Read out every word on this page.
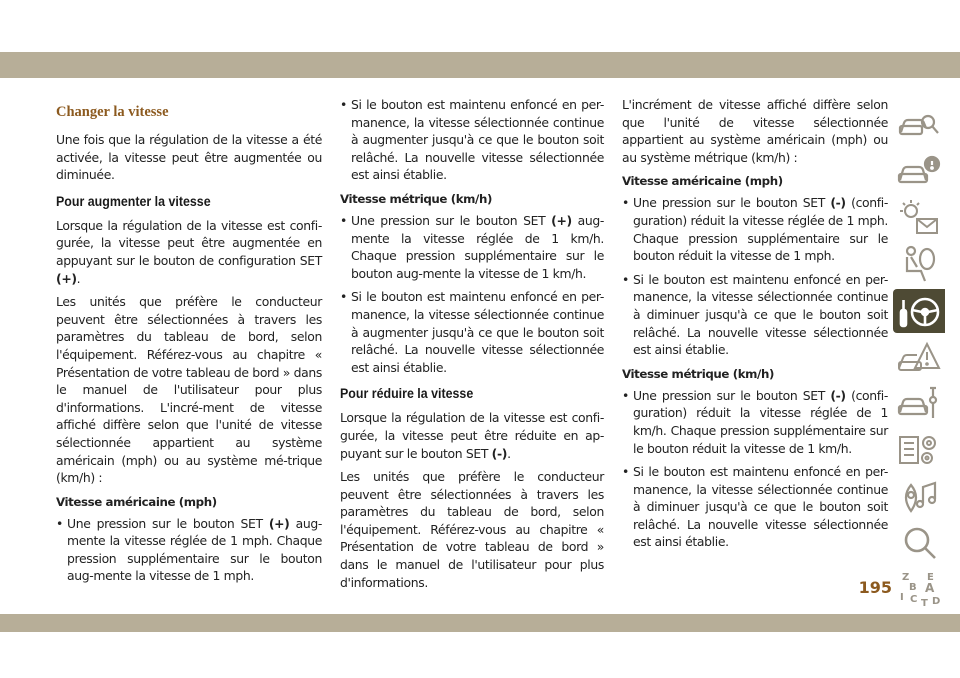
Changer la vitesse

Une fois que la régulation de la vitesse a été activée, la vitesse peut être augmentée ou diminuée.

Pour augmenter la vitesse

Lorsque la régulation de la vitesse est confi-gurée, la vitesse peut être augmentée en appuyant sur le bouton de configuration SET (+).

Les unités que préfère le conducteur peuvent être sélectionnées à travers les paramètres du tableau de bord, selon l'équipement. Référez-vous au chapitre « Présentation de votre tableau de bord » dans le manuel de l'utilisateur pour plus d'informations. L'incré-ment de vitesse affiché diffère selon que l'unité de vitesse sélectionnée appartient au système américain (mph) ou au système mé-trique (km/h) :

Vitesse américaine (mph)
• Une pression sur le bouton SET (+) aug-mente la vitesse réglée de 1 mph. Chaque pression supplémentaire sur le bouton aug-mente la vitesse de 1 mph.
• Si le bouton est maintenu enfoncé en per-manence, la vitesse sélectionnée continue à augmenter jusqu'à ce que le bouton soit relâché. La nouvelle vitesse sélectionnée est ainsi établie.
Vitesse métrique (km/h)
• Une pression sur le bouton SET (+) aug-mente la vitesse réglée de 1 km/h. Chaque pression supplémentaire sur le bouton aug-mente la vitesse de 1 km/h.
• Si le bouton est maintenu enfoncé en per-manence, la vitesse sélectionnée continue à augmenter jusqu'à ce que le bouton soit relâché. La nouvelle vitesse sélectionnée est ainsi établie.
Pour réduire la vitesse

Lorsque la régulation de la vitesse est confi-gurée, la vitesse peut être réduite en ap-puyant sur le bouton SET (-).

Les unités que préfère le conducteur peuvent être sélectionnées à travers les paramètres du tableau de bord, selon l'équipement. Référez-vous au chapitre « Présentation de votre tableau de bord » dans le manuel de l'utilisateur pour plus d'informations.

L'incrément de vitesse affiché diffère selon que l'unité de vitesse sélectionnée appartient au système américain (mph) ou au système métrique (km/h) :

Vitesse américaine (mph)
• Une pression sur le bouton SET (-) (confi-guration) réduit la vitesse réglée de 1 mph. Chaque pression supplémentaire sur le bouton réduit la vitesse de 1 mph.
• Si le bouton est maintenu enfoncé en per-manence, la vitesse sélectionnée continue à diminuer jusqu'à ce que le bouton soit relâché. La nouvelle vitesse sélectionnée est ainsi établie.
Vitesse métrique (km/h)
• Une pression sur le bouton SET (-) (confi-guration) réduit la vitesse réglée de 1 km/h. Chaque pression supplémentaire sur le bouton réduit la vitesse de 1 km/h.
• Si le bouton est maintenu enfoncé en per-manence, la vitesse sélectionnée continue à diminuer jusqu'à ce que le bouton soit relâché. La nouvelle vitesse sélectionnée est ainsi établie.
Z E
B A
I C T D
195
